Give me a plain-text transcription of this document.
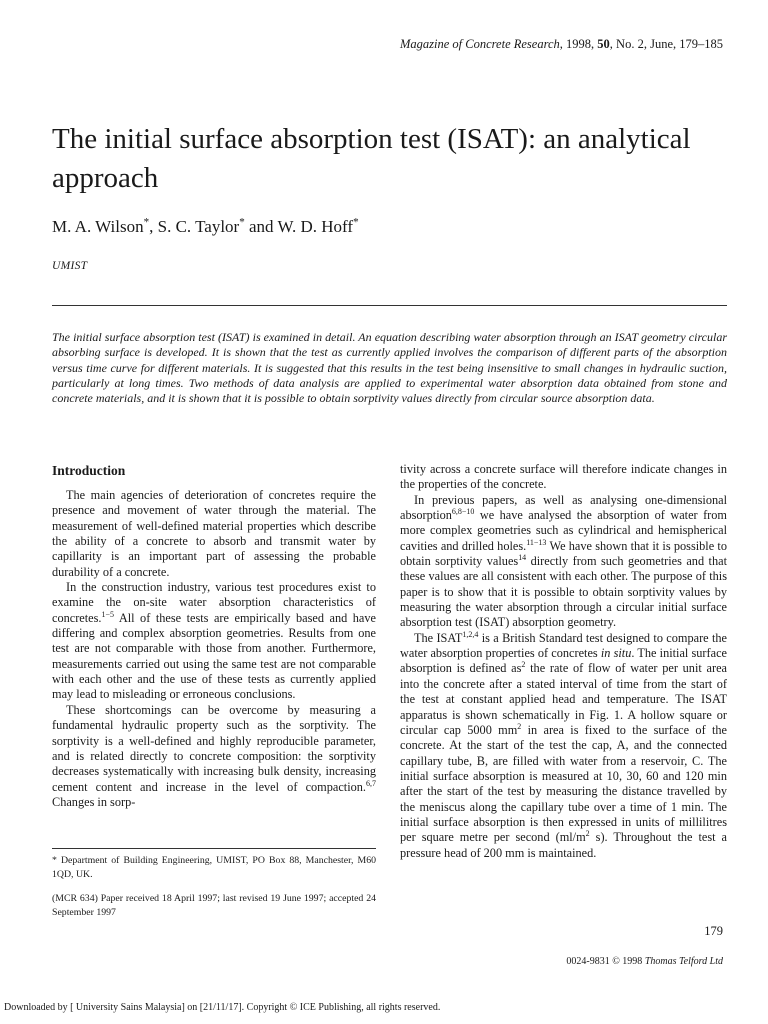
Magazine of Concrete Research, 1998, 50, No. 2, June, 179–185
The initial surface absorption test (ISAT): an analytical approach
M. A. Wilson*, S. C. Taylor* and W. D. Hoff*
UMIST

The initial surface absorption test (ISAT) is examined in detail. An equation describing water absorption through an ISAT geometry circular absorbing surface is developed. It is shown that the test as currently applied involves the comparison of different parts of the absorption versus time curve for different materials. It is suggested that this results in the test being insensitive to small changes in hydraulic suction, particularly at long times. Two methods of data analysis are applied to experimental water absorption data obtained from stone and concrete materials, and it is shown that it is possible to obtain sorptivity values directly from circular source absorption data.

Introduction

The main agencies of deterioration of concretes require the presence and movement of water through the material. The measurement of well-defined material properties which describe the ability of a concrete to absorb and transmit water by capillarity is an important part of assessing the probable durability of a concrete.

In the construction industry, various test procedures exist to examine the on-site water absorption characteristics of concretes.$^{1-5}$ All of these tests are empirically based and have differing and complex absorption geometries. Results from one test are not comparable with those from another. Furthermore, measurements carried out using the same test are not comparable with each other and the use of these tests as currently applied may lead to misleading or erroneous conclusions.

These shortcomings can be overcome by measuring a fundamental hydraulic property such as the sorptivity. The sorptivity is a well-defined and highly reproducible parameter, and is related directly to concrete composition: the sorptivity decreases systematically with increasing bulk density, increasing cement content and increase in the level of compaction.$^{6,7}$ Changes in sorp-

* Department of Building Engineering, UMIST, PO Box 88, Manchester, M60 1QD, UK.
(MCR 634) Paper received 18 April 1997; last revised 19 June 1997; accepted 24 September 1997

tivity across a concrete surface will therefore indicate changes in the properties of the concrete.

In previous papers, as well as analysing one-dimensional absorption$^{6,8-10}$ we have analysed the absorption of water from more complex geometries such as cylindrical and hemispherical cavities and drilled holes.$^{11-13}$ We have shown that it is possible to obtain sorptivity values$^{14}$ directly from such geometries and that these values are all consistent with each other. The purpose of this paper is to show that it is possible to obtain sorptivity values by measuring the water absorption through a circular initial surface absorption test (ISAT) absorption geometry.

The ISAT$^{1,2,4}$ is a British Standard test designed to compare the water absorption properties of concretes in situ. The initial surface absorption is defined $as^2$ the rate of flow of water per unit area into the concrete after a stated interval of time from the start of the test at constant applied head and temperature. The ISAT apparatus is shown schematically in Fig. 1. A hollow square or circular cap 5000 $mm^2$ in area is fixed to the surface of the concrete. At the start of the test the cap, A, and the connected capillary tube, B, are filled with water from a reservoir, C. The initial surface absorption is measured at 10, 30, 60 and 120 min after the start of the test by measuring the distance travelled by the meniscus along the capillary tube over a time of 1 min. The initial surface absorption is then expressed in units of millilitres per square metre per second ($ml/m^2$ s). Throughout the test a pressure head of 200 mm is maintained.

179
0024-9831 © 1998 Thomas Telford Ltd
Downloaded by [ University Sains Malaysia] on [21/11/17]. Copyright © ICE Publishing, all rights reserved.
